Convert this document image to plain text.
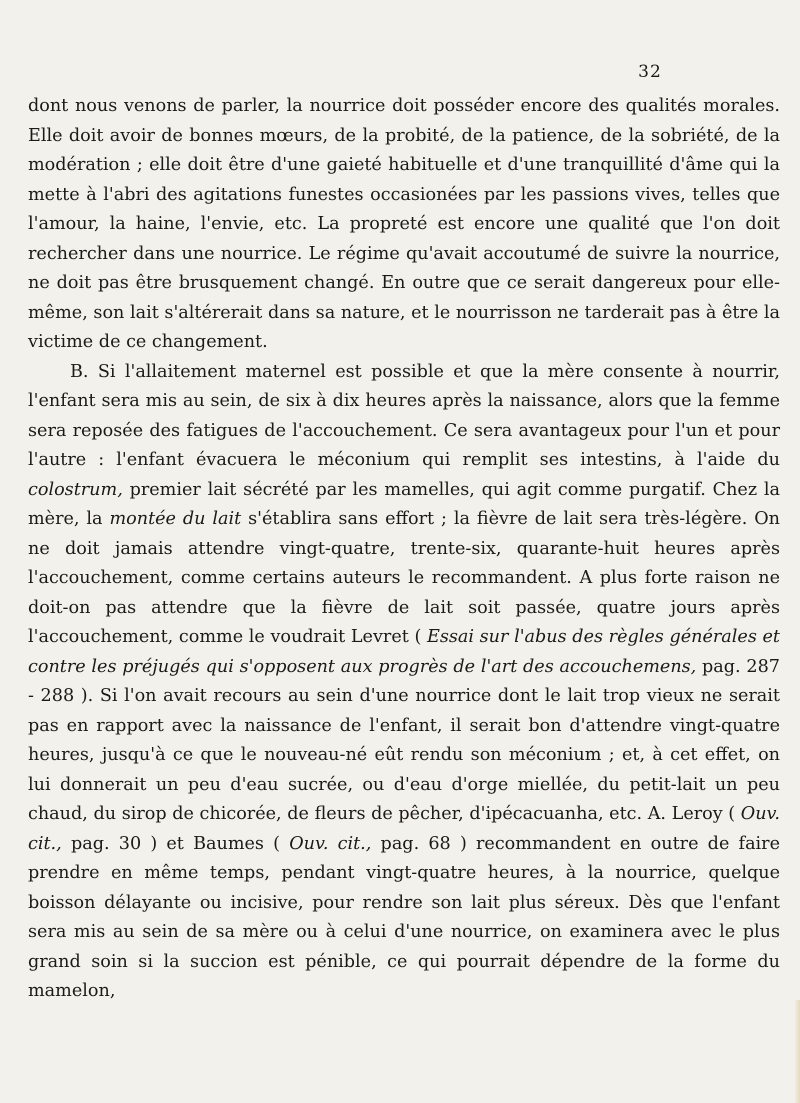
32

dont nous venons de parler, la nourrice doit posséder encore des qualités morales. Elle doit avoir de bonnes mœurs, de la probité, de la patience, de la sobriété, de la modération ; elle doit être d'une gaieté habituelle et d'une tranquillité d'âme qui la mette à l'abri des agitations funestes occasionées par les passions vives, telles que l'amour, la haine, l'envie, etc. La propreté est encore une qualité que l'on doit rechercher dans une nourrice. Le régime qu'avait accoutumé de suivre la nourrice, ne doit pas être brusquement changé. En outre que ce serait dangereux pour elle-même, son lait s'altérerait dans sa nature, et le nourrisson ne tarderait pas à être la victime de ce changement.

B. Si l'allaitement maternel est possible et que la mère consente à nourrir, l'enfant sera mis au sein, de six à dix heures après la naissance, alors que la femme sera reposée des fatigues de l'accouchement. Ce sera avantageux pour l'un et pour l'autre : l'enfant évacuera le méconium qui remplit ses intestins, à l'aide du colostrum, premier lait sécrété par les mamelles, qui agit comme purgatif. Chez la mère, la montée du lait s'établira sans effort ; la fièvre de lait sera très-légère. On ne doit jamais attendre vingt-quatre, trente-six, quarante-huit heures après l'accouchement, comme certains auteurs le recommandent. A plus forte raison ne doit-on pas attendre que la fièvre de lait soit passée, quatre jours après l'accouchement, comme le voudrait Levret ( Essai sur l'abus des règles générales et contre les préjugés qui s'opposent aux progrès de l'art des accouchemens, pag. 287 - 288 ). Si l'on avait recours au sein d'une nourrice dont le lait trop vieux ne serait pas en rapport avec la naissance de l'enfant, il serait bon d'attendre vingt-quatre heures, jusqu'à ce que le nouveau-né eût rendu son méconium ; et, à cet effet, on lui donnerait un peu d'eau sucrée, ou d'eau d'orge miellée, du petit-lait un peu chaud, du sirop de chicorée, de fleurs de pêcher, d'ipécacuanha, etc. A. Leroy ( Ouv. cit., pag. 30 ) et Baumes ( Ouv. cit., pag. 68 ) recommandent en outre de faire prendre en même temps, pendant vingt-quatre heures, à la nourrice, quelque boisson délayante ou incisive, pour rendre son lait plus séreux. Dès que l'enfant sera mis au sein de sa mère ou à celui d'une nourrice, on examinera avec le plus grand soin si la succion est pénible, ce qui pourrait dépendre de la forme du mamelon,
